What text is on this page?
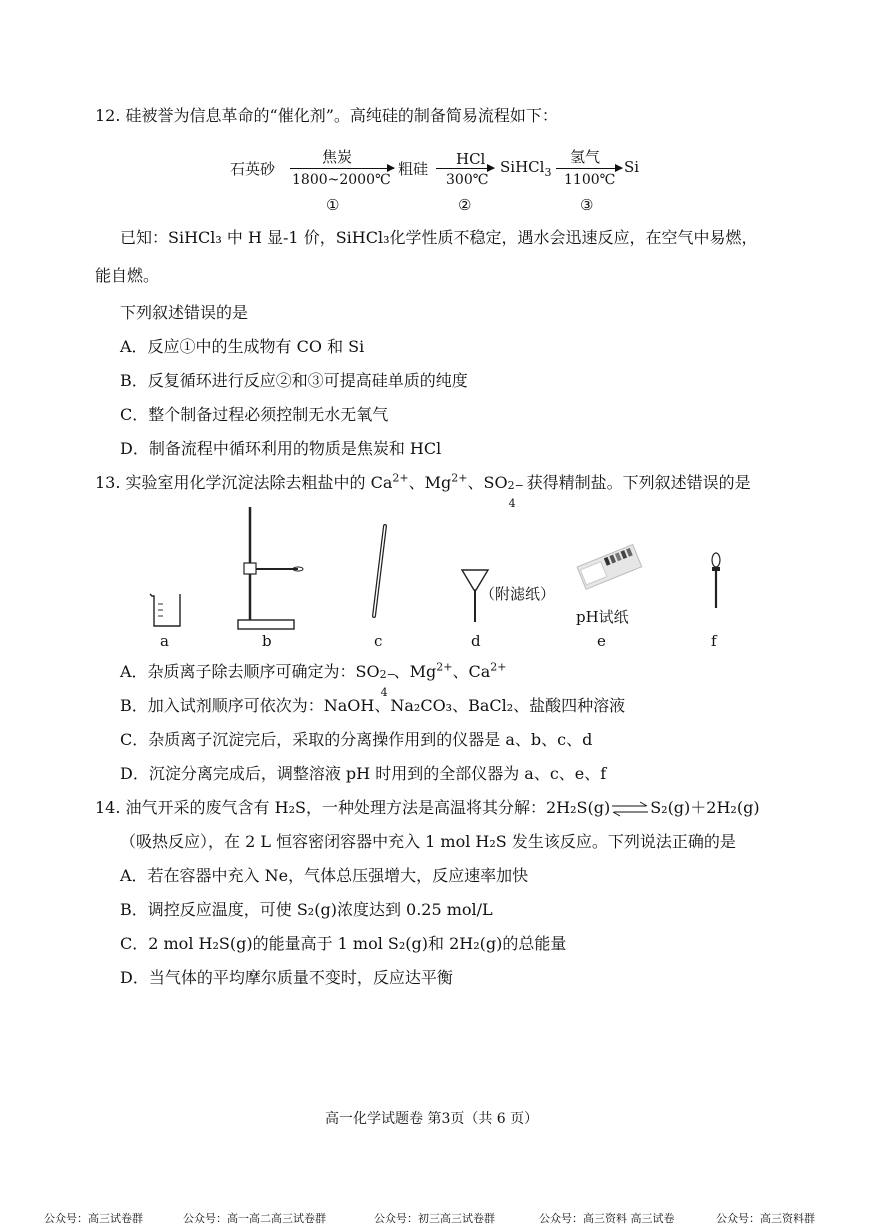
12. 硅被誉为信息革命的“催化剂”。高纯硅的制备简易流程如下：
石英砂
焦炭
1800~2000℃
①
粗硅
HCl
300℃
②
SiHCl$_3$
氢气
1100℃
③
Si
已知：SiHCl₃ 中 H 显-1 价，SiHCl₃化学性质不稳定，遇水会迅速反应，在空气中易燃，
能自燃。
下列叙述错误的是
A．反应①中的生成物有 CO 和 Si
B．反复循环进行反应②和③可提高硅单质的纯度
C．整个制备过程必须控制无水无氧气
D．制备流程中循环利用的物质是焦炭和 HCl
13. 实验室用化学沉淀法除去粗盐中的 $Ca^{2+}$、$Mg^{2+}$、SO 2−
4
获得精制盐。下列叙述错误的是
（附滤纸）
pH试纸
a	b	c	d	e	f
A．杂质离子除去顺序可确定为：SO 2−
4
、$Mg^{2+}$、$Ca^{2+}$
B．加入试剂顺序可依次为：NaOH、Na₂CO₃、BaCl₂、盐酸四种溶液
C．杂质离子沉淀完后，采取的分离操作用到的仪器是 a、b、c、d
D．沉淀分离完成后，调整溶液 pH 时用到的全部仪器为 a、c、e、f
14. 油气开采的废气含有 H₂S，一种处理方法是高温将其分解：2H₂S(g)⇌S₂(g)＋2H₂(g)
（吸热反应），在 2 L 恒容密闭容器中充入 1 mol H₂S 发生该反应。下列说法正确的是
A．若在容器中充入 Ne，气体总压强增大，反应速率加快
B．调控反应温度，可使 S₂(g)浓度达到 0.25 mol/L
C．2 mol H₂S(g)的能量高于 1 mol S₂(g)和 2H₂(g)的总能量
D．当气体的平均摩尔质量不变时，反应达平衡
高一化学试题卷 第3页（共 6 页）
公众号：高三试卷群	公众号：高一高二高三试卷群	公众号：初三高三试卷群	公众号：高三资料 高三试卷	公众号：高三资料群
